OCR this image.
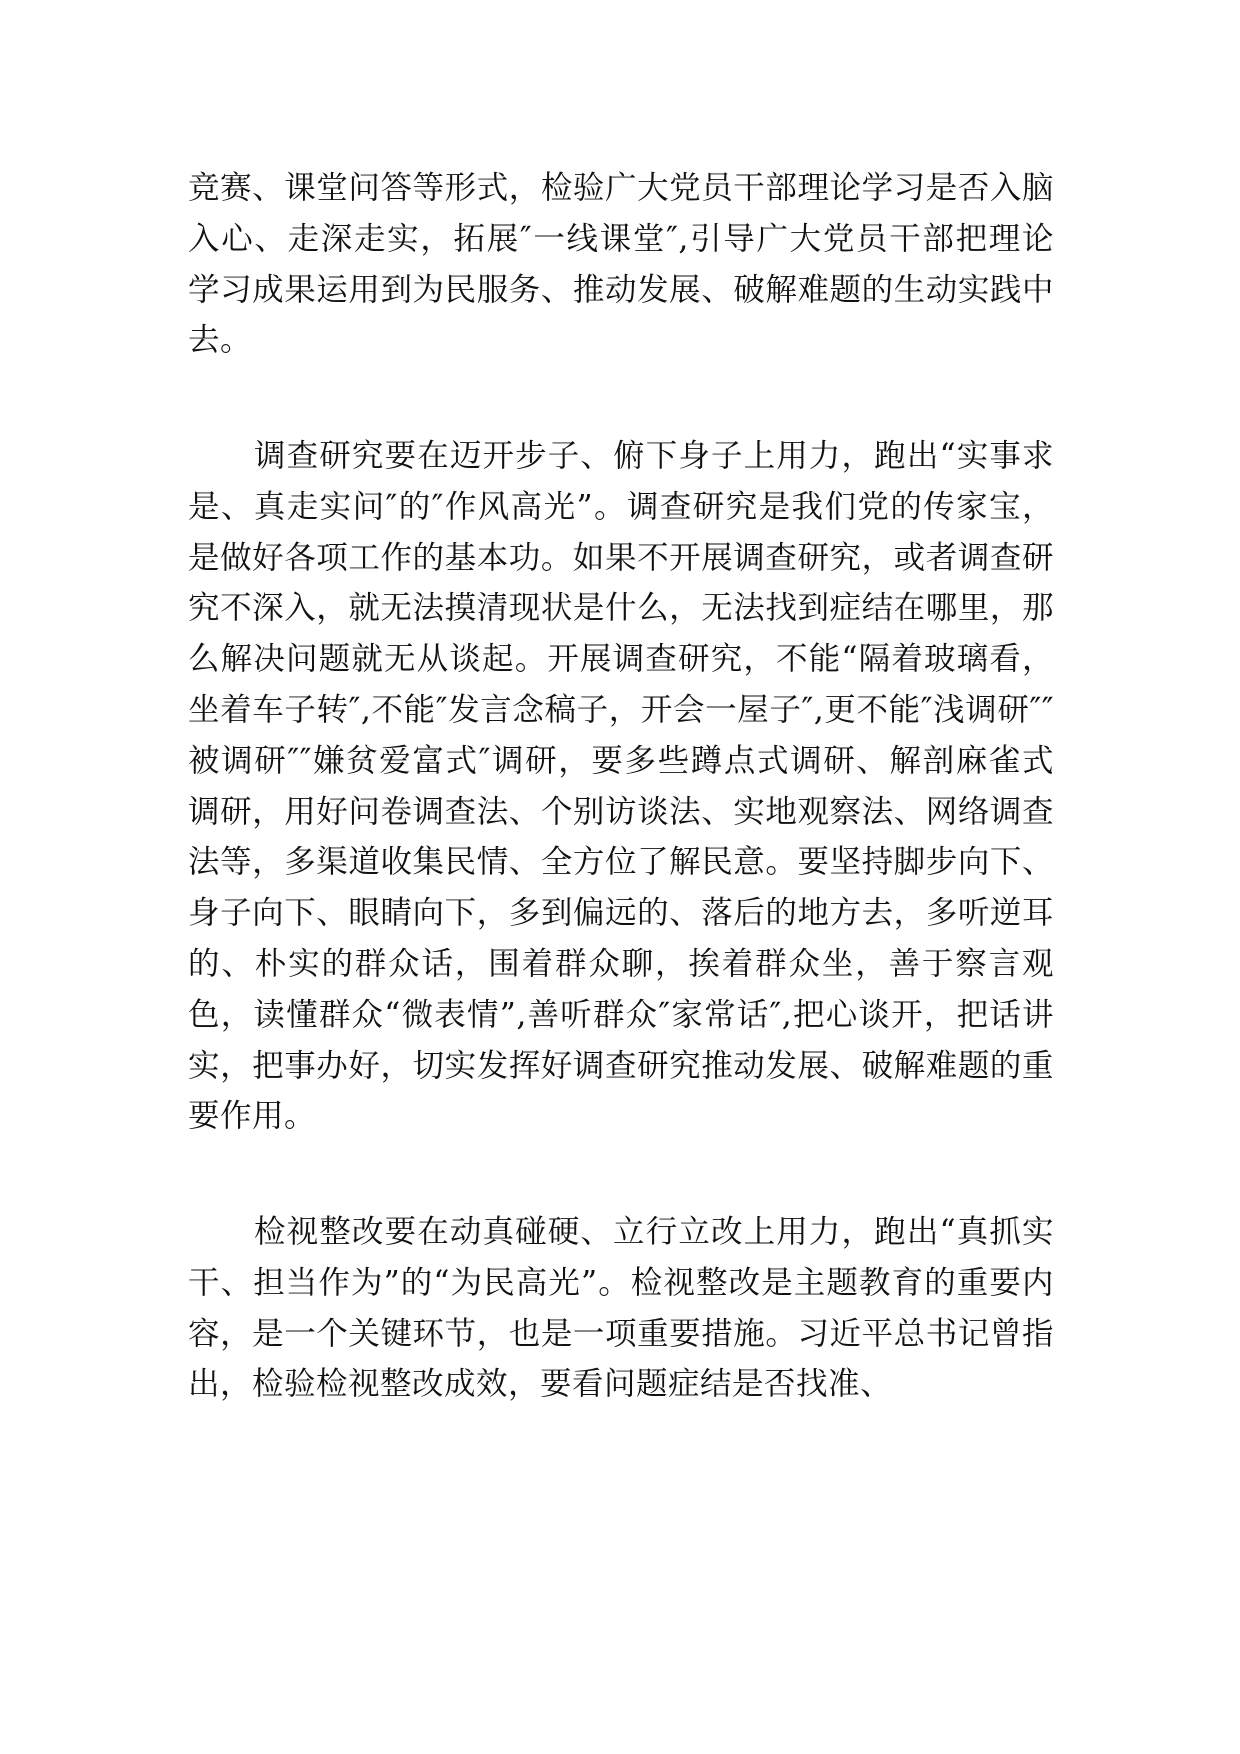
竞赛、课堂问答等形式，检验广大党员干部理论学习是否入脑入心、走深走实，拓展″一线课堂″,引导广大党员干部把理论学习成果运用到为民服务、推动发展、破解难题的生动实践中去。

调查研究要在迈开步子、俯下身子上用力，跑出“实事求是、真走实问″的″作风高光”。调查研究是我们党的传家宝，是做好各项工作的基本功。如果不开展调查研究，或者调查研究不深入，就无法摸清现状是什么，无法找到症结在哪里，那么解决问题就无从谈起。开展调查研究，不能“隔着玻璃看，坐着车子转″,不能″发言念稿子，开会一屋子″,更不能″浅调研″″被调研″″嫌贫爱富式″调研，要多些蹲点式调研、解剖麻雀式调研，用好问卷调查法、个别访谈法、实地观察法、网络调查法等，多渠道收集民情、全方位了解民意。要坚持脚步向下、身子向下、眼睛向下，多到偏远的、落后的地方去，多听逆耳的、朴实的群众话，围着群众聊，挨着群众坐，善于察言观色，读懂群众“微表情”,善听群众″家常话″,把心谈开，把话讲实，把事办好，切实发挥好调查研究推动发展、破解难题的重要作用。

检视整改要在动真碰硬、立行立改上用力，跑出“真抓实干、担当作为”的“为民高光”。检视整改是主题教育的重要内容，是一个关键环节，也是一项重要措施。习近平总书记曾指出，检验检视整改成效，要看问题症结是否找准、
